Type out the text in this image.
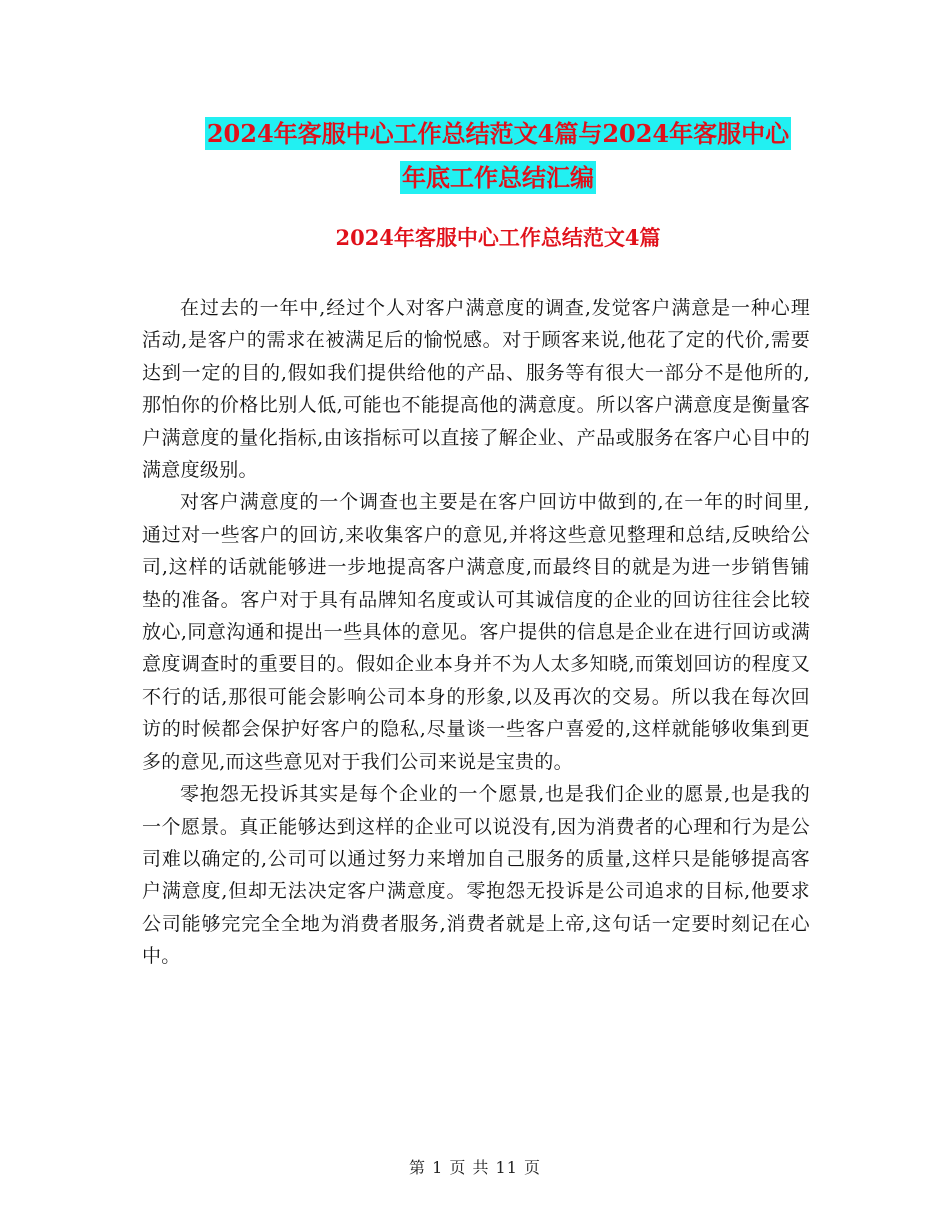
2024年客服中心工作总结范文4篇与2024年客服中心
年底工作总结汇编
2024年客服中心工作总结范文4篇

在过去的一年中,经过个人对客户满意度的调查,发觉客户满意是一种心理活动,是客户的需求在被满足后的愉悦感。对于顾客来说,他花了定的代价,需要达到一定的目的,假如我们提供给他的产品、服务等有很大一部分不是他所的,那怕你的价格比别人低,可能也不能提高他的满意度。所以客户满意度是衡量客户满意度的量化指标,由该指标可以直接了解企业、产品或服务在客户心目中的满意度级别。

对客户满意度的一个调查也主要是在客户回访中做到的,在一年的时间里,通过对一些客户的回访,来收集客户的意见,并将这些意见整理和总结,反映给公司,这样的话就能够进一步地提高客户满意度,而最终目的就是为进一步销售铺垫的准备。客户对于具有品牌知名度或认可其诚信度的企业的回访往往会比较放心,同意沟通和提出一些具体的意见。客户提供的信息是企业在进行回访或满意度调查时的重要目的。假如企业本身并不为人太多知晓,而策划回访的程度又不行的话,那很可能会影响公司本身的形象,以及再次的交易。所以我在每次回访的时候都会保护好客户的隐私,尽量谈一些客户喜爱的,这样就能够收集到更多的意见,而这些意见对于我们公司来说是宝贵的。

零抱怨无投诉其实是每个企业的一个愿景,也是我们企业的愿景,也是我的一个愿景。真正能够达到这样的企业可以说没有,因为消费者的心理和行为是公司难以确定的,公司可以通过努力来增加自己服务的质量,这样只是能够提高客户满意度,但却无法决定客户满意度。零抱怨无投诉是公司追求的目标,他要求公司能够完完全全地为消费者服务,消费者就是上帝,这句话一定要时刻记在心中。

第 1 页 共 11 页
